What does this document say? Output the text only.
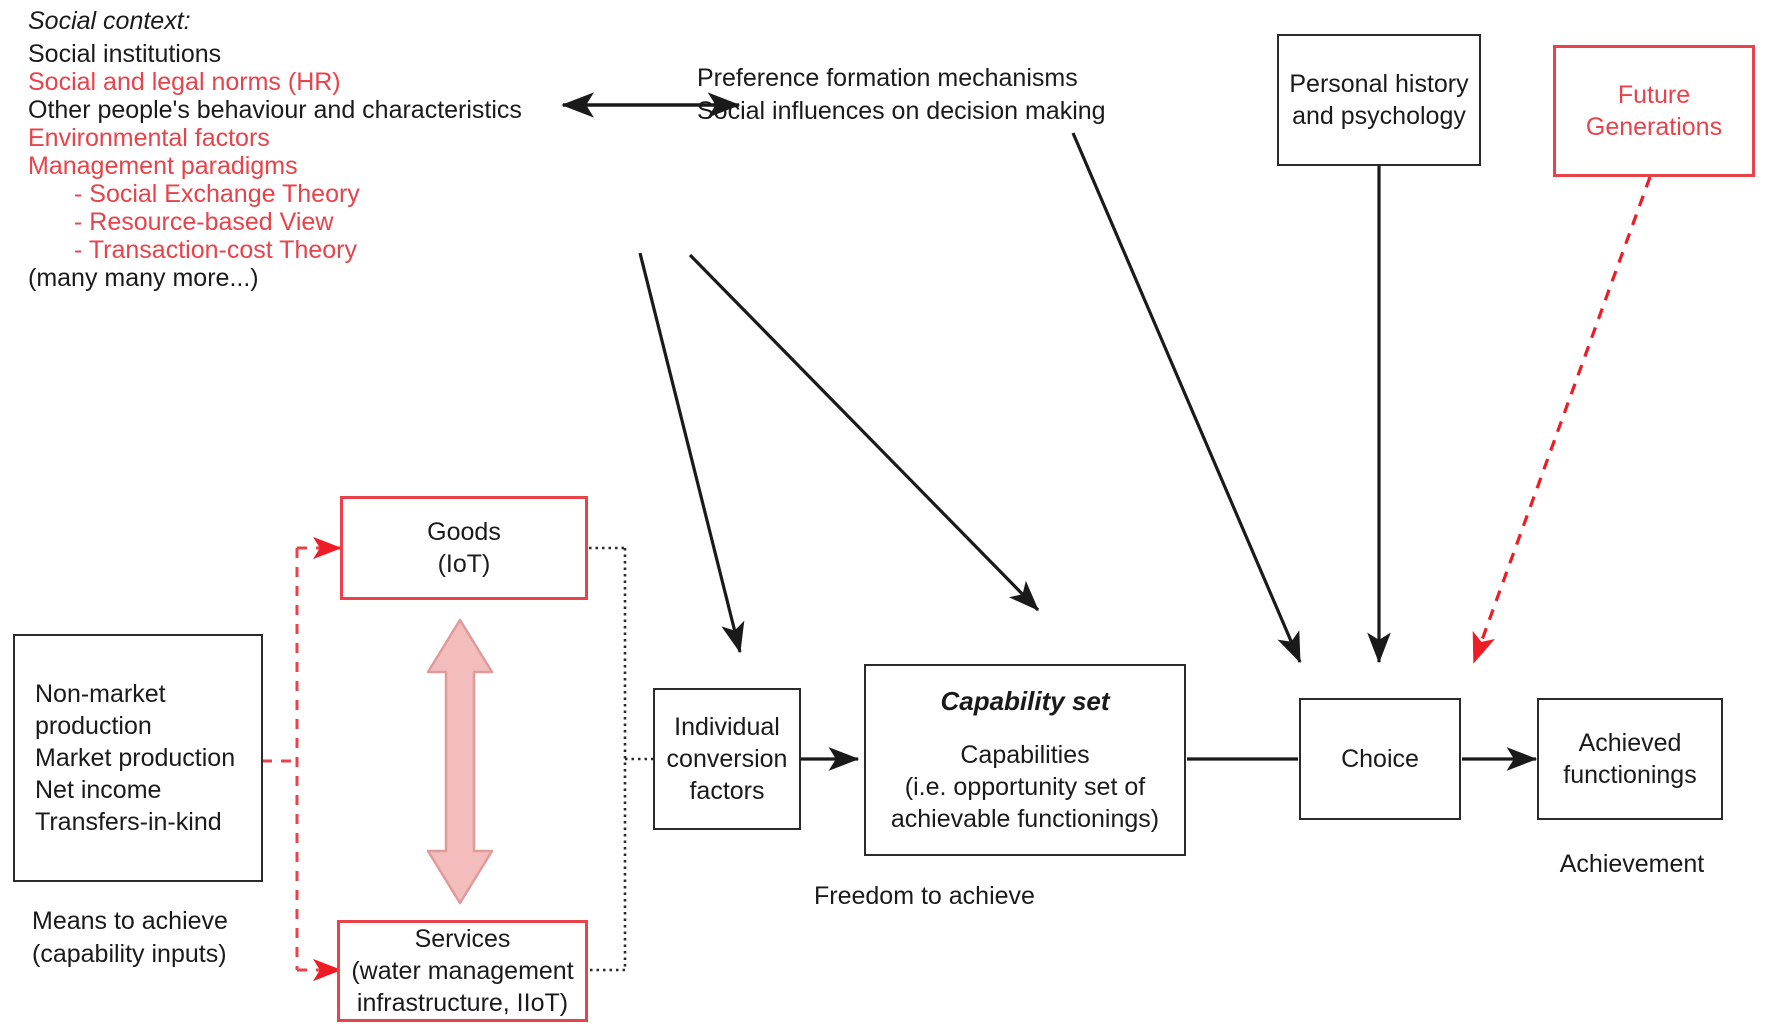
Social context:
Social institutions
Social and legal norms (HR)
Other people's behaviour and characteristics
Environmental factors
Management paradigms
- Social Exchange Theory
- Resource-based View
- Transaction-cost Theory
(many many more...)
Preference formation mechanisms
Social influences on decision making
Personal history
and psychology
Future
Generations
Non-market
production
Market production
Net income
Transfers-in-kind
Goods
(IoT)
Services
(water management
infrastructure, IIoT)
Individual
conversion
factors
Capability set
Capabilities
(i.e. opportunity set of
achievable functionings)
Choice
Achieved
functionings
Means to achieve
(capability inputs)
Freedom to achieve
Achievement
